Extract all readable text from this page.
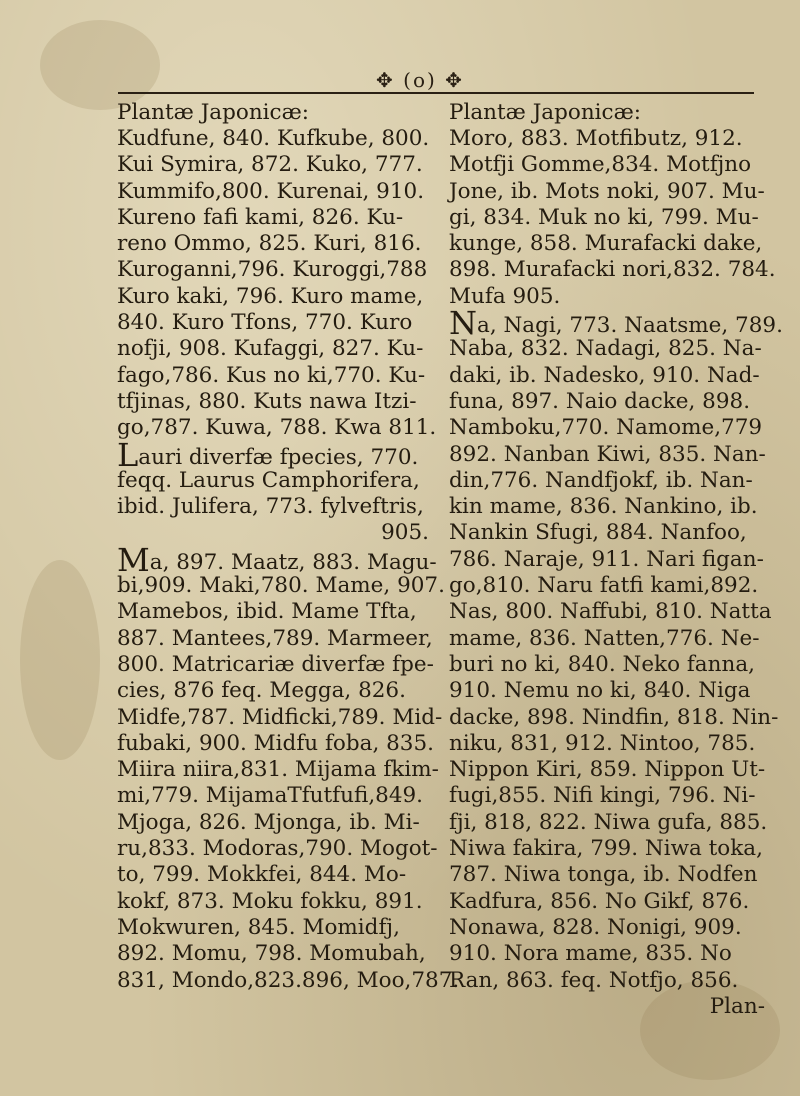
✥ (o) ✥
Plantæ Japonicæ:
Kudfune, 840. Kufkube, 800.
Kui Symira, 872. Kuko, 777.
Kummifo,800. Kurenai, 910.
Kureno fafi kami, 826. Ku-
reno Ommo, 825. Kuri, 816.
Kuroganni,796. Kuroggi,788
Kuro kaki, 796. Kuro mame,
840. Kuro Tfons, 770. Kuro
nofji, 908. Kufaggi, 827. Ku-
fago,786. Kus no ki,770. Ku-
tfjinas, 880. Kuts nawa Itzi-
go,787. Kuwa, 788. Kwa 811.
Lauri diverfæ fpecies, 770.
feqq. Laurus Camphorifera,
ibid. Julifera, 773. fylveftris,
905.
Ma, 897. Maatz, 883. Magu-
bi,909. Maki,780. Mame, 907.
Mamebos, ibid. Mame Tfta,
887. Mantees,789. Marmeer,
800. Matricariæ diverfæ fpe-
cies, 876 feq. Megga, 826.
Midfe,787. Midficki,789. Mid-
fubaki, 900. Midfu foba, 835.
Miira niira,831. Mijama fkim-
mi,779. MijamaTfutfufi,849.
Mjoga, 826. Mjonga, ib. Mi-
ru,833. Modoras,790. Mogot-
to, 799. Mokkfei, 844. Mo-
kokf, 873. Moku fokku, 891.
Mokwuren, 845. Momidfj,
892. Momu, 798. Momubah,
831, Mondo,823.896, Moo,787.
Plantæ Japonicæ:
Moro, 883. Motfibutz, 912.
Motfji Gomme,834. Motfjno
Jone, ib. Mots noki, 907. Mu-
gi, 834. Muk no ki, 799. Mu-
kunge, 858. Murafacki dake,
898. Murafacki nori,832. 784.
Mufa 905.
Na, Nagi, 773. Naatsme, 789.
Naba, 832. Nadagi, 825. Na-
daki, ib. Nadesko, 910. Nad-
funa, 897. Naio dacke, 898.
Namboku,770. Namome,779
892. Nanban Kiwi, 835. Nan-
din,776. Nandfjokf, ib. Nan-
kin mame, 836. Nankino, ib.
Nankin Sfugi, 884. Nanfoo,
786. Naraje, 911. Nari figan-
go,810. Naru fatfi kami,892.
Nas, 800. Naffubi, 810. Natta
mame, 836. Natten,776. Ne-
buri no ki, 840. Neko fanna,
910. Nemu no ki, 840. Niga
dacke, 898. Nindfin, 818. Nin-
niku, 831, 912. Nintoo, 785.
Nippon Kiri, 859. Nippon Ut-
fugi,855. Nifi kingi, 796. Ni-
fji, 818, 822. Niwa gufa, 885.
Niwa fakira, 799. Niwa toka,
787. Niwa tonga, ib. Nodfen
Kadfura, 856. No Gikf, 876.
Nonawa, 828. Nonigi, 909.
910. Nora mame, 835. No
Ran, 863. feq. Notfjo, 856.
Plan-
